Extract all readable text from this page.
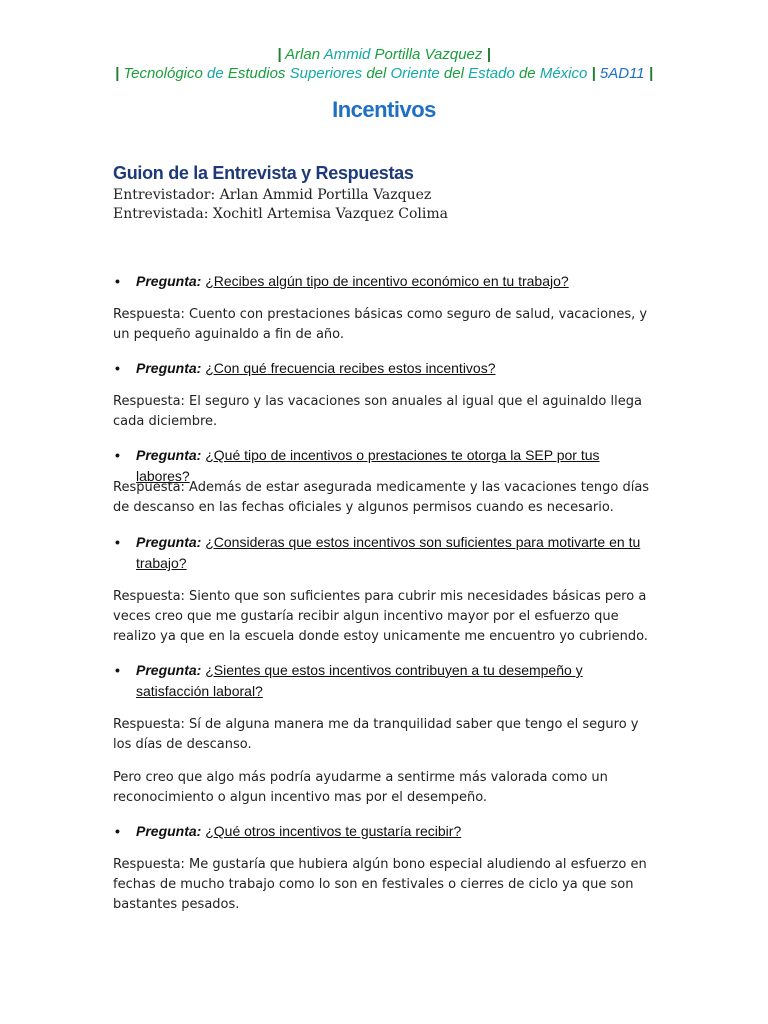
| Arlan Ammid Portilla Vazquez |
| Tecnológico de Estudios Superiores del Oriente del Estado de México | 5AD11 |
Incentivos
Guion de la Entrevista y Respuestas
Entrevistador: Arlan Ammid Portilla Vazquez
Entrevistada: Xochitl Artemisa Vazquez Colima
• Pregunta: ¿Recibes algún tipo de incentivo económico en tu trabajo?
Respuesta: Cuento con prestaciones básicas como seguro de salud, vacaciones, y un pequeño aguinaldo a fin de año.
• Pregunta: ¿Con qué frecuencia recibes estos incentivos?
Respuesta: El seguro y las vacaciones son anuales al igual que el aguinaldo llega cada diciembre.
• Pregunta: ¿Qué tipo de incentivos o prestaciones te otorga la SEP por tus labores?
Respuesta: Además de estar asegurada medicamente y las vacaciones tengo días de descanso en las fechas oficiales y algunos permisos cuando es necesario.
• Pregunta: ¿Consideras que estos incentivos son suficientes para motivarte en tu trabajo?
Respuesta: Siento que son suficientes para cubrir mis necesidades básicas pero a veces creo que me gustaría recibir algun incentivo mayor por el esfuerzo que realizo ya que en la escuela donde estoy unicamente me encuentro yo cubriendo.
• Pregunta: ¿Sientes que estos incentivos contribuyen a tu desempeño y satisfacción laboral?
Respuesta: Sí de alguna manera me da tranquilidad saber que tengo el seguro y los días de descanso.
Pero creo que algo más podría ayudarme a sentirme más valorada como un reconocimiento o algun incentivo mas por el desempeño.
• Pregunta: ¿Qué otros incentivos te gustaría recibir?
Respuesta: Me gustaría que hubiera algún bono especial aludiendo al esfuerzo en fechas de mucho trabajo como lo son en festivales o cierres de ciclo ya que son bastantes pesados.
